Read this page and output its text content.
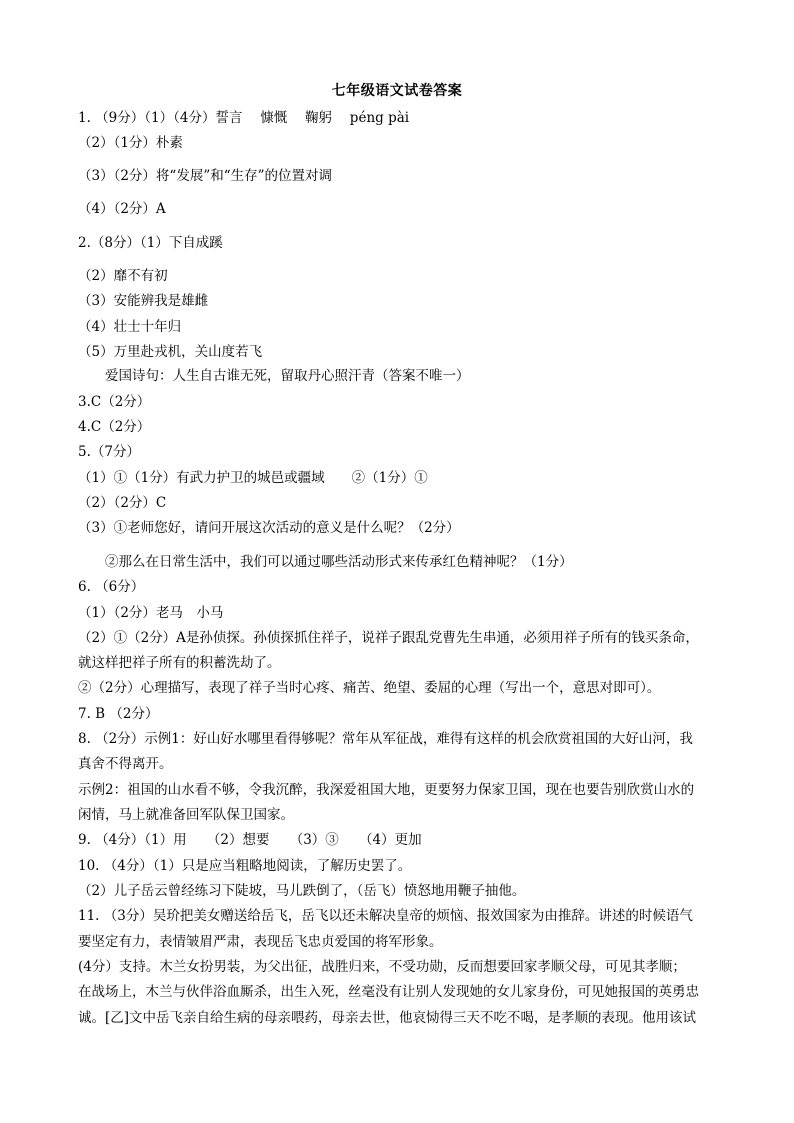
七年级语文试卷答案
1. （9分）（1）（4分）誓言　 慷慨　 鞠躬　 péng pài
（2）（1分）朴素
（3）（2分）将“发展”和“生存”的位置对调
（4）（2分）A
2.（8分）（1）下自成蹊
（2）靡不有初
（3）安能辨我是雄雌
（4）壮士十年归
（5）万里赴戎机，关山度若飞
　　爱国诗句：人生自古谁无死，留取丹心照汗青（答案不唯一）
3.C（2分）
4.C（2分）
5.（7分）
（1）①（1分）有武力护卫的城邑或疆域　　②（1分）①
（2）（2分）C
（3）①老师您好，请问开展这次活动的意义是什么呢？（2分）
　　②那么在日常生活中，我们可以通过哪些活动形式来传承红色精神呢？（1分）
6. （6分）
（1）（2分）老马　小马
（2）①（2分）A是孙侦探。孙侦探抓住祥子，说祥子跟乱党曹先生串通，必须用祥子所有的钱买条命，
就这样把祥子所有的积蓄洗劫了。
②（2分）心理描写，表现了祥子当时心疼、痛苦、绝望、委屈的心理（写出一个，意思对即可）。
7. B （2分）
8. （2分）示例1：好山好水哪里看得够呢？常年从军征战，难得有这样的机会欣赏祖国的大好山河，我
真舍不得离开。
示例2：祖国的山水看不够，令我沉醉，我深爱祖国大地，更要努力保家卫国，现在也要告别欣赏山水的
闲情，马上就准备回军队保卫国家。
9. （4分）（1）用　　（2）想要　　（3）③　　（4）更加
10. （4分）（1）只是应当粗略地阅读，了解历史罢了。
（2）儿子岳云曾经练习下陡坡，马儿跌倒了，（岳飞）愤怒地用鞭子抽他。
11. （3分）吴玠把美女赠送给岳飞，岳飞以还未解决皇帝的烦恼、报效国家为由推辞。讲述的时候语气
要坚定有力，表情皱眉严肃，表现岳飞忠贞爱国的将军形象。
(4分）支持。木兰女扮男装，为父出征，战胜归来，不受功勋，反而想要回家孝顺父母，可见其孝顺；
在战场上，木兰与伙伴浴血厮杀，出生入死，丝毫没有让别人发现她的女儿家身份，可见她报国的英勇忠
诚。[乙]文中岳飞亲自给生病的母亲喂药，母亲去世，他哀恸得三天不吃不喝，是孝顺的表现。他用该试
